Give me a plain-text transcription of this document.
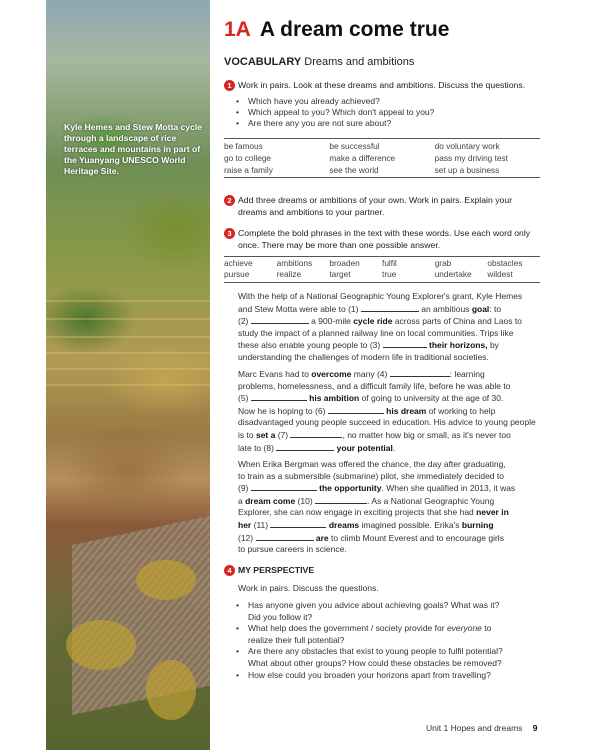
Kyle Hemes and Stew Motta cycle through a landscape of rice terraces and mountains in part of the Yuanyang UNESCO World Heritage Site.
1A A dream come true
VOCABULARY Dreams and ambitions
1 Work in pairs. Look at these dreams and ambitions. Discuss the questions.
• Which have you already achieved?
• Which appeal to you? Which don't appeal to you?
• Are there any you are not sure about?
be famous	be successful	do voluntary work
go to college	make a difference	pass my driving test
raise a family	see the world	set up a business
2 Add three dreams or ambitions of your own. Work in pairs. Explain your
dreams and ambitions to your partner.
3 Complete the bold phrases in the text with these words. Use each word only
once. There may be more than one possible answer.
achieve	ambitions	broaden	fulfil	grab	obstacles
pursue	realize	target	true	undertake	wildest
With the help of a National Geographic Young Explorer's grant, Kyle Hemes
and Stew Motta were able to (1)	an ambitious goal: to
(2)	a 900-mile cycle ride across parts of China and Laos to
study the impact of a planned railway line on local communities. Trips like
these also enable young people to (3)	their horizons, by
understanding the challenges of modern life in traditional societies.
Marc Evans had to overcome many (4)	: learning
problems, homelessness, and a difficult family life, before he was able to
(5)	his ambition of going to university at the age of 30.
Now he is hoping to (6)	his dream of working to help
disadvantaged young people succeed in education. His advice to young people
is to set a (7)	, no matter how big or small, as it's never too
late to (8)	your potential.
When Erika Bergman was offered the chance, the day after graduating,
to train as a submersible (submarine) pilot, she immediately decided to
(9)	the opportunity. When she qualified in 2013, it was
a dream come (10)	. As a National Geographic Young
Explorer, she can now engage in exciting projects that she had never in
her (11)	dreams imagined possible. Erika's burning
(12)	are to climb Mount Everest and to encourage girls
to pursue careers in science.
4 MY PERSPECTIVE
Work in pairs. Discuss the questions.
• Has anyone given you advice about achieving goals? What was it?
Did you follow it?
• What help does the government / society provide for everyone to
realize their full potential?
• Are there any obstacles that exist to young people to fulfil potential?
What about other groups? How could these obstacles be removed?
• How else could you broaden your horizons apart from travelling?
Unit 1 Hopes and dreams 9
